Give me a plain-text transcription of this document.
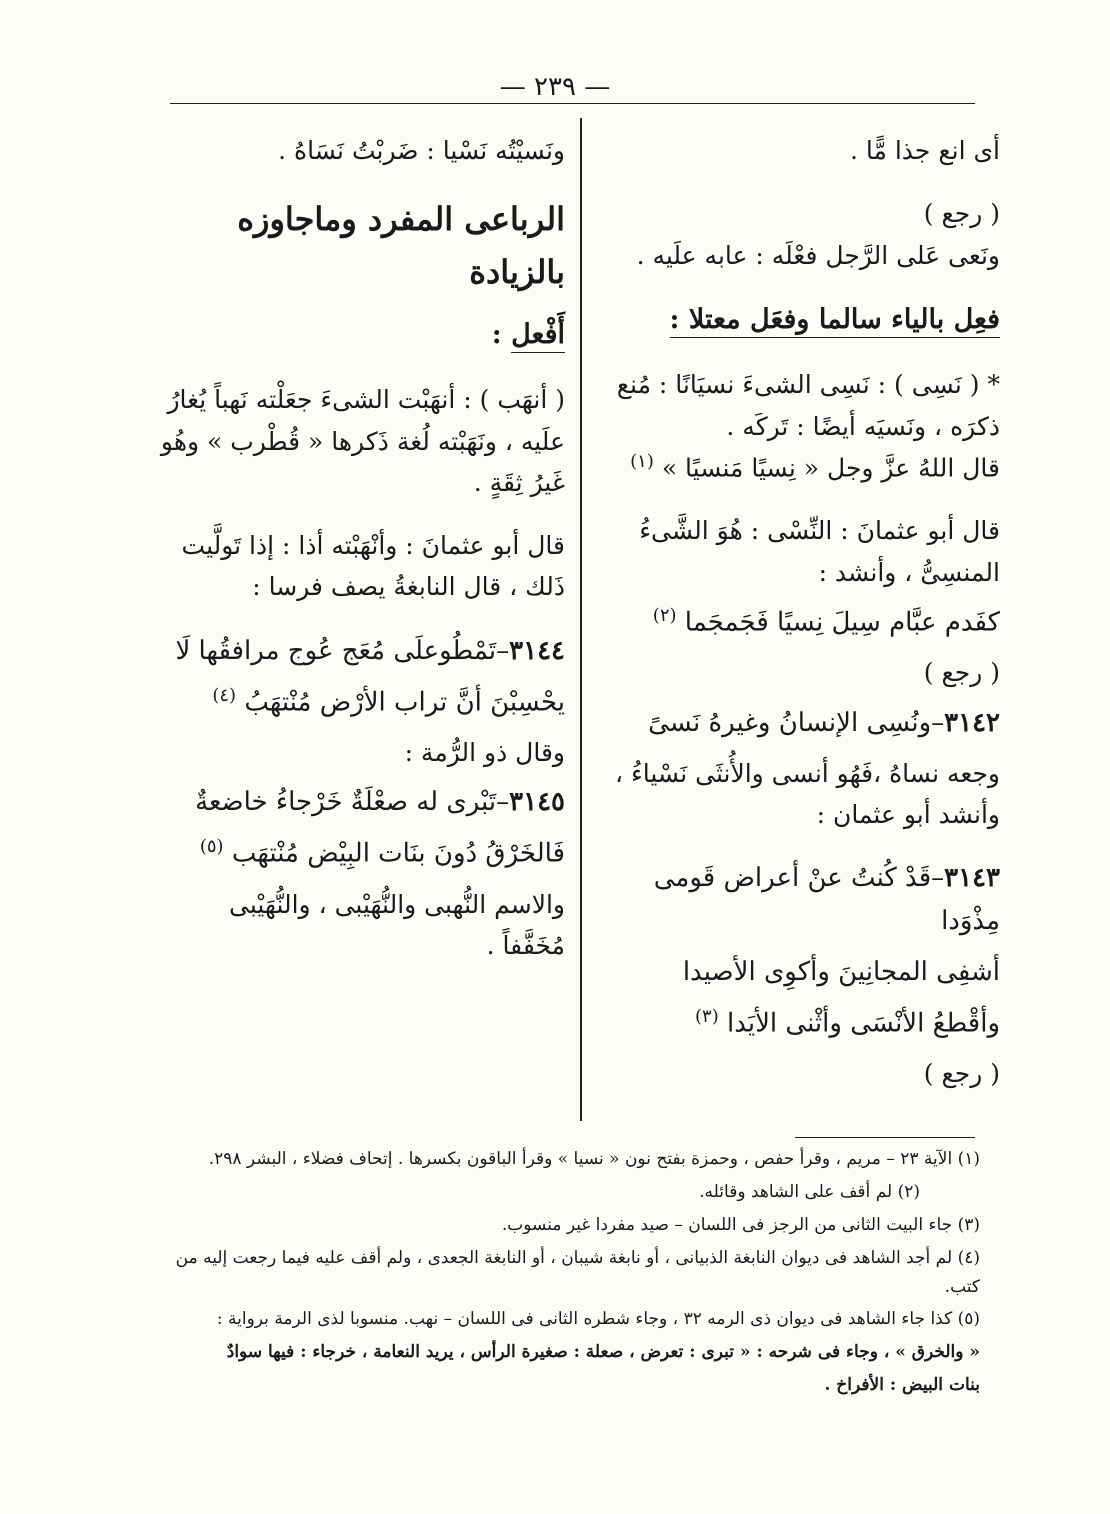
— ٢٣٩ —
أى انع جذا مًّا .
( رجع )
ونَعى عَلى الرَّجل فعْلَه : عابه علَيه .
فعِل بالياء سالما وفعَل معتلا :
* ( نَسِى ) : نَسِى الشىءَ نسيَانًا : مُنع ذكرَه ، ونَسيَه أيضًا : تَركَه .
قال اللهُ عزَّ وجل « نِسيًا مَنسيًا » $^{(١)}$
قال أبو عثمانَ : النِّسْى : هُوَ الشَّىءُ المنسِىُّ ، وأنشد :
كفَدم عبَّام سِيلَ نِسيًا فَجَمجَما $^{(٢)}$
( رجع )
٣١٤٢–ونُسِى الإنسانُ وغيرهُ نَسىً
وجعه نساهُ ،فَهُو أنسى والأُنثَى نَسْياءُ ، وأنشد أبو عثمان :
٣١٤٣–قَدْ كُنتُ عنْ أعراض قَومى مِذْوَدا
أشفِى المجانِينَ وأكوِى الأصيدا
وأقْطعُ الأنْسَى وأثْنى الأيَدا $^{(٣)}$
( رجع )
ونَسيْتُه نَسْيا : ضَربْتُ نَسَاهُ .
الرباعى المفرد وماجاوزه بالزيادة
أَفْعل :
( أنهَب ) : أنهَبْت الشىءَ جعَلْته نَهباً يُغارُ علَيه ، ونَهَبْته لُغة ذَكرها « قُطْرب » وهُو غَيرُ ثِقَةٍ .
قال أبو عثمانَ : وأنْهَبْته أذا : إذا تَولَّيت ذَلك ، قال النابغةُ يصف فرسا :
٣١٤٤–تَمْطُوعلَى مُعَج عُوج مرافقُها لَا
يحْسِبْنَ أنَّ تراب الأرْض مُنْتهَبُ $^{(٤)}$
وقال ذو الرُّمة :
٣١٤٥–تَبْرى له صعْلَةٌ خَرْجاءُ خاضعةٌ
فَالخَرْقُ دُونَ بنَات البِيْض مُنْتهَب $^{(٥)}$
والاسم النُّهبى والنُّهَيْبى ، والنُّهَيْبى مُخَفَّفاً .
(١) الآية ٢٣ – مريم ، وقرأ حفص ، وحمزة بفتح نون « نسيا » وقرأ الباقون بكسرها . إتحاف فضلاء ، البشر ٢٩٨.
(٢) لم أقف على الشاهد وقائله.
(٣) جاء البيت الثانى من الرجز فى اللسان – صيد مفردا غير منسوب.
(٤) لم أجد الشاهد فى ديوان النابغة الذبيانى ، أو نابغة شيبان ، أو النابغة الجعدى ، ولم أقف عليه فيما رجعت إليه من كتب.
(٥) كذا جاء الشاهد فى ديوان ذى الرمه ٣٢ ، وجاء شطره الثانى فى اللسان – نهب. منسوبا لذى الرمة برواية :
« والخرق » ، وجاء فى شرحه : « تبرى : تعرض ، صعلة : صغيرة الرأس ، يريد النعامة ، خرجاء : فيها سوادٌ
بنات البيض : الأفراخ .
